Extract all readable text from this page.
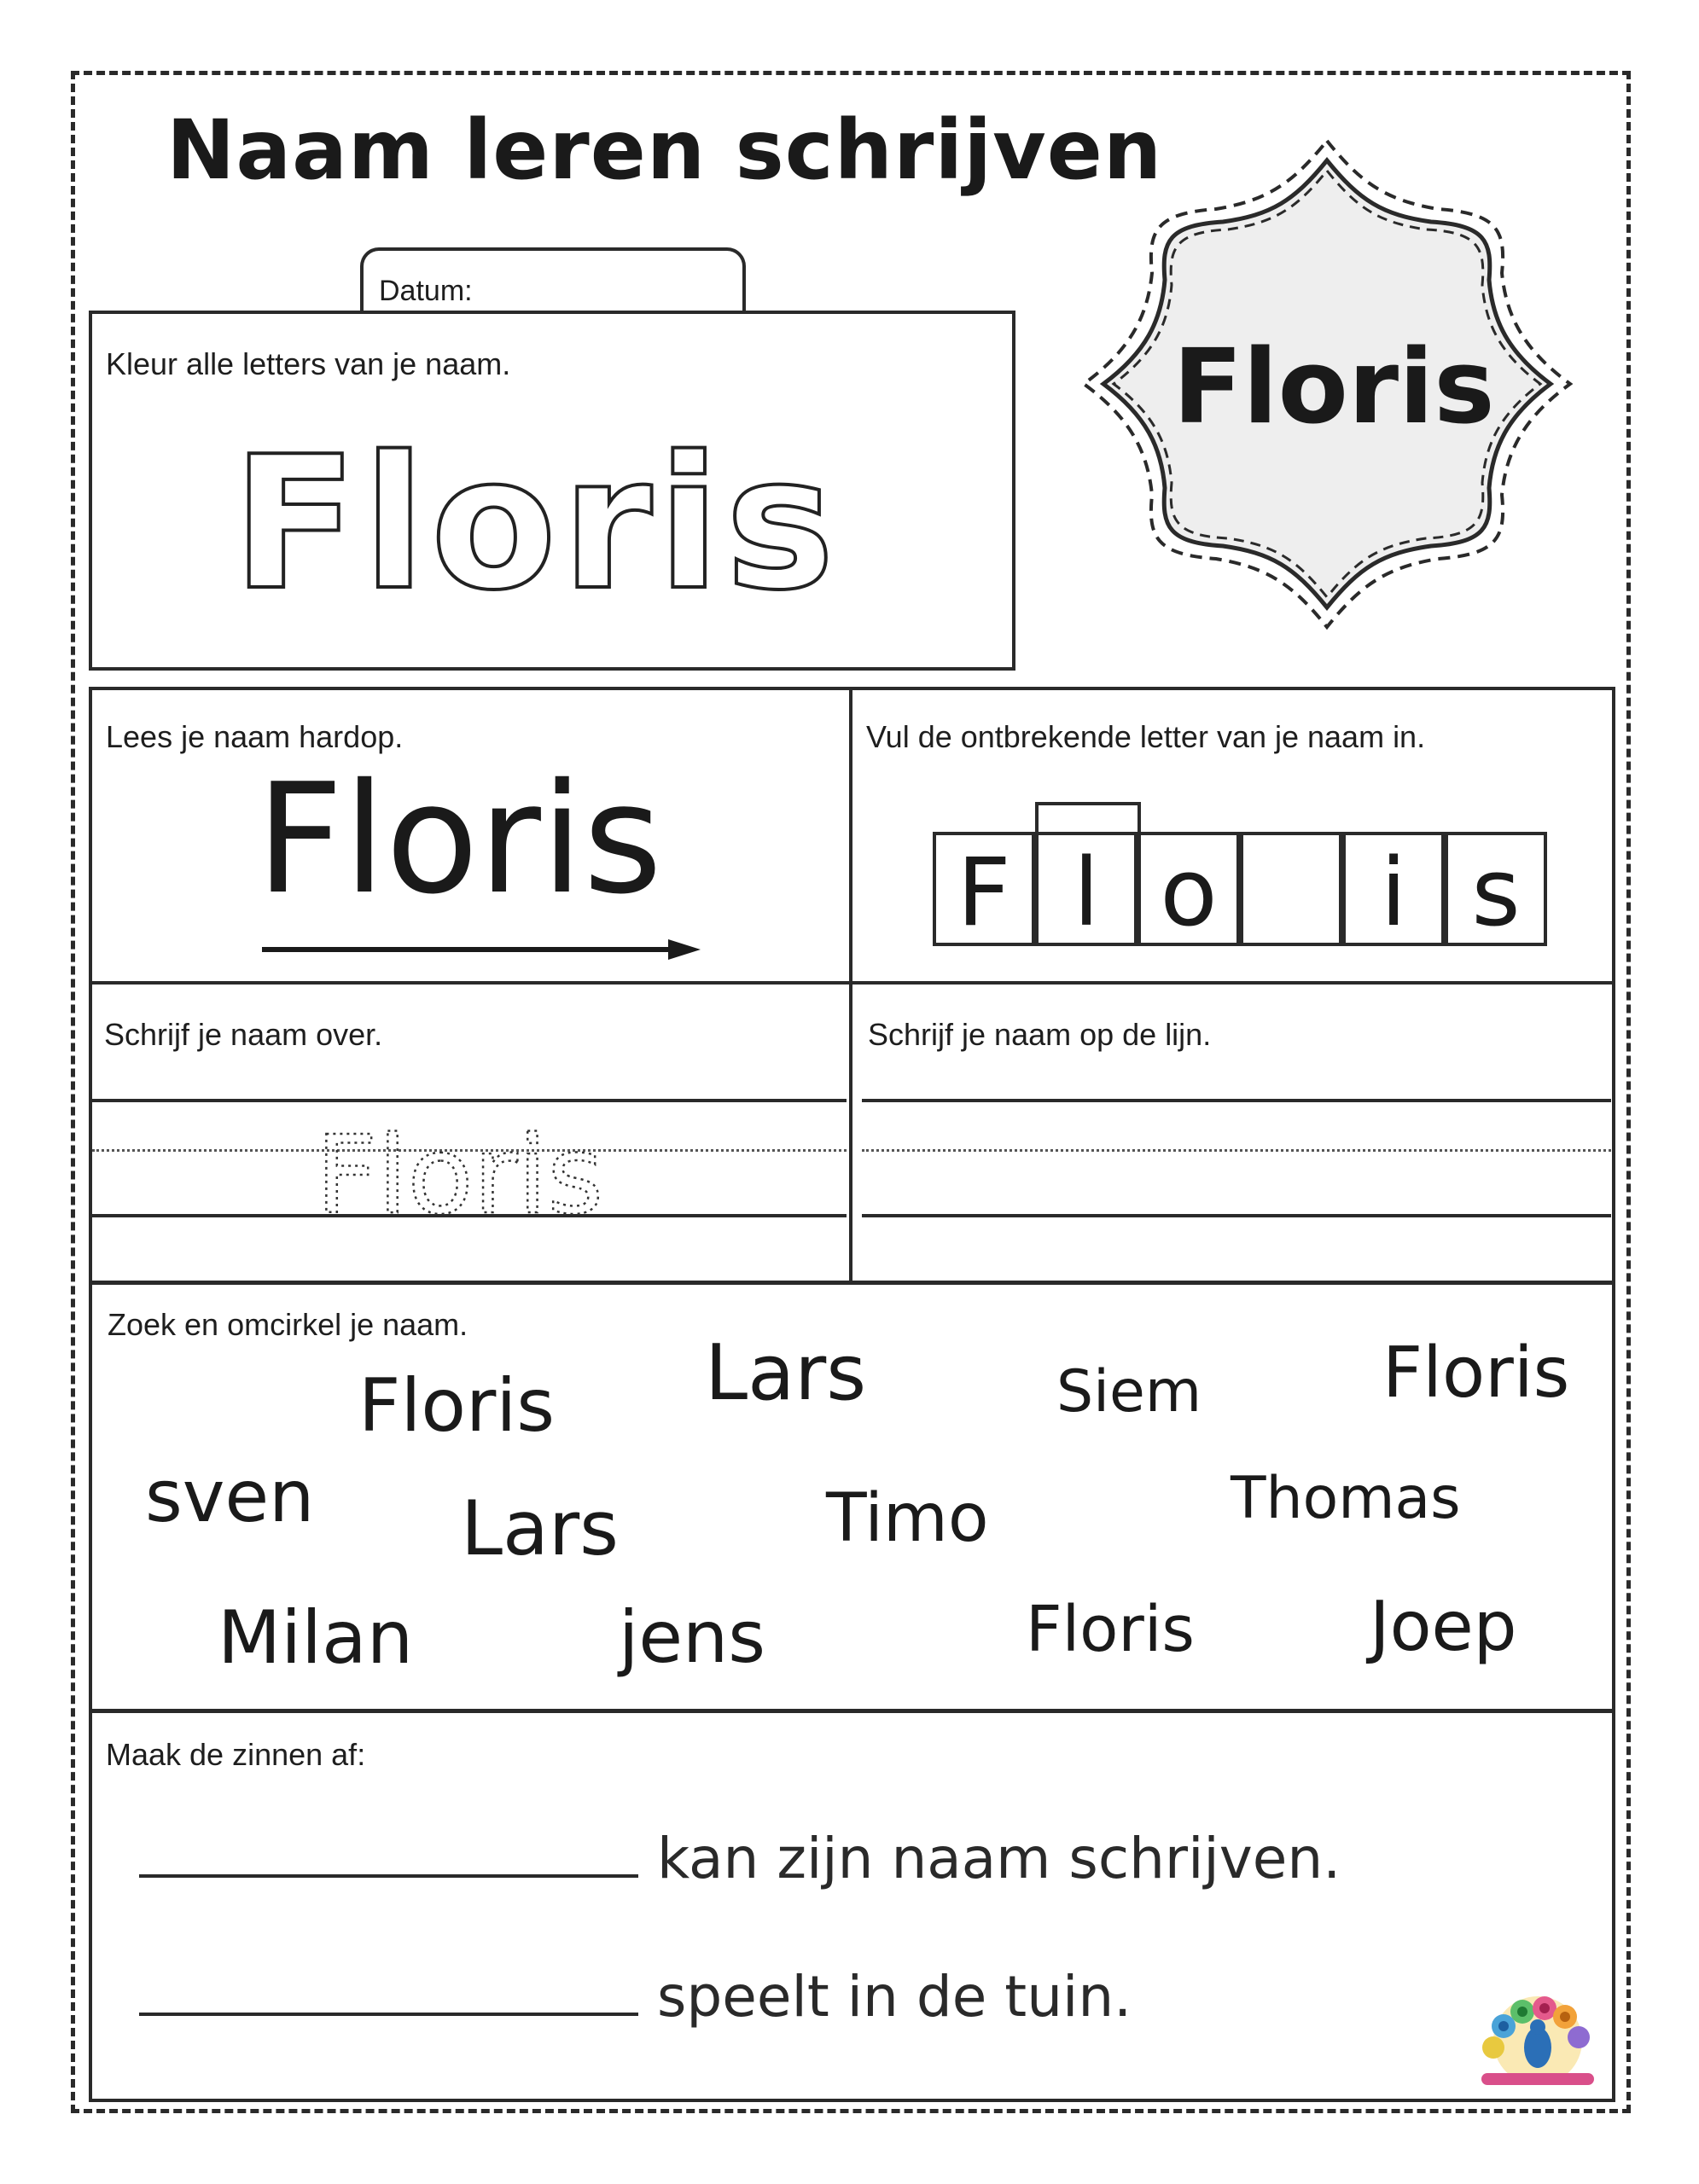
Naam leren schrijven
Datum:
Kleur alle letters van je naam.
Floris
Floris
Lees je naam hardop.
Floris
Vul de ontbrekende letter van je naam in.
F l o	i s
Schrijf je naam over.
Floris
Schrijf je naam op de lijn.
Zoek en omcirkel je naam.
Floris Lars	Siem	Floris
sven Lars	Timo	Thomas
Milan	jens	Floris	Joep
Maak de zinnen af:
kan zijn naam schrijven.
speelt in de tuin.
